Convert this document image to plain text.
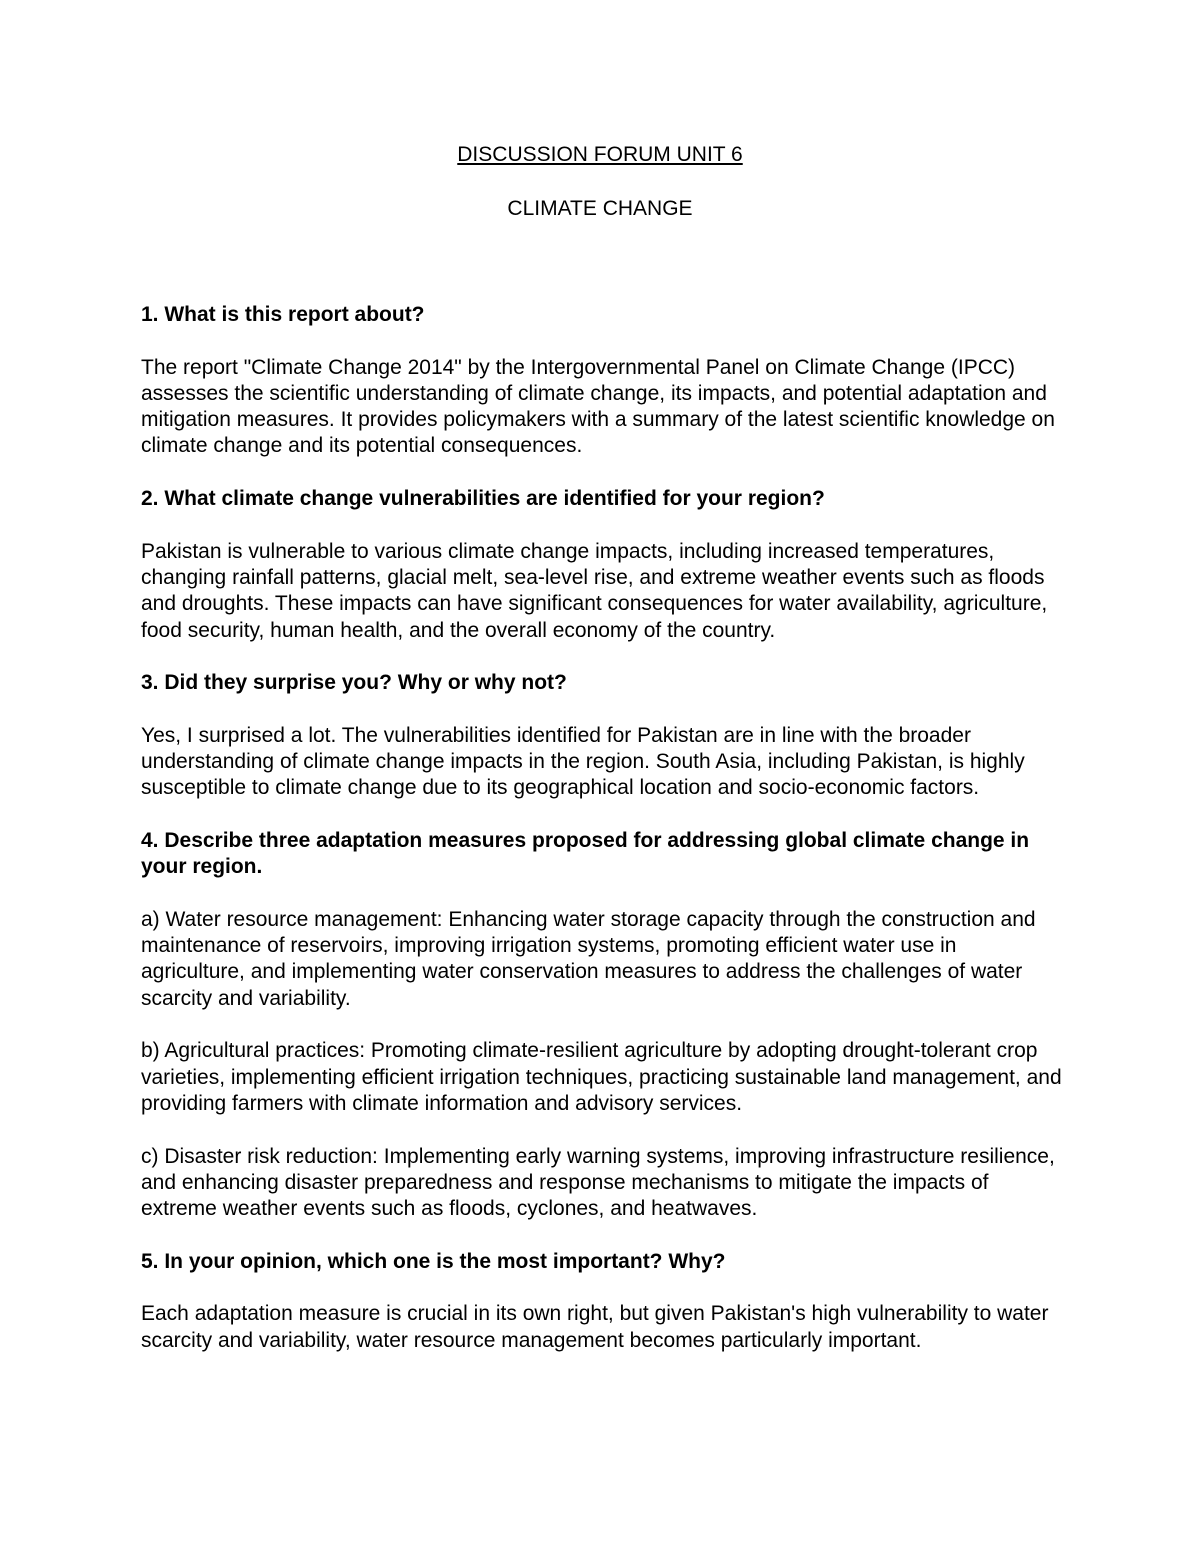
DISCUSSION FORUM UNIT 6
CLIMATE CHANGE

1. What is this report about?

The report "Climate Change 2014" by the Intergovernmental Panel on Climate Change (IPCC) assesses the scientific understanding of climate change, its impacts, and potential adaptation and mitigation measures. It provides policymakers with a summary of the latest scientific knowledge on climate change and its potential consequences.

2. What climate change vulnerabilities are identified for your region?

Pakistan is vulnerable to various climate change impacts, including increased temperatures, changing rainfall patterns, glacial melt, sea-level rise, and extreme weather events such as floods and droughts. These impacts can have significant consequences for water availability, agriculture, food security, human health, and the overall economy of the country.

3. Did they surprise you? Why or why not?

Yes, I surprised a lot. The vulnerabilities identified for Pakistan are in line with the broader understanding of climate change impacts in the region. South Asia, including Pakistan, is highly susceptible to climate change due to its geographical location and socio-economic factors.

4. Describe three adaptation measures proposed for addressing global climate change in your region.

a) Water resource management: Enhancing water storage capacity through the construction and maintenance of reservoirs, improving irrigation systems, promoting efficient water use in agriculture, and implementing water conservation measures to address the challenges of water scarcity and variability.

b) Agricultural practices: Promoting climate-resilient agriculture by adopting drought-tolerant crop varieties, implementing efficient irrigation techniques, practicing sustainable land management, and providing farmers with climate information and advisory services.

c) Disaster risk reduction: Implementing early warning systems, improving infrastructure resilience, and enhancing disaster preparedness and response mechanisms to mitigate the impacts of extreme weather events such as floods, cyclones, and heatwaves.

5. In your opinion, which one is the most important? Why?

Each adaptation measure is crucial in its own right, but given Pakistan's high vulnerability to water scarcity and variability, water resource management becomes particularly important.
